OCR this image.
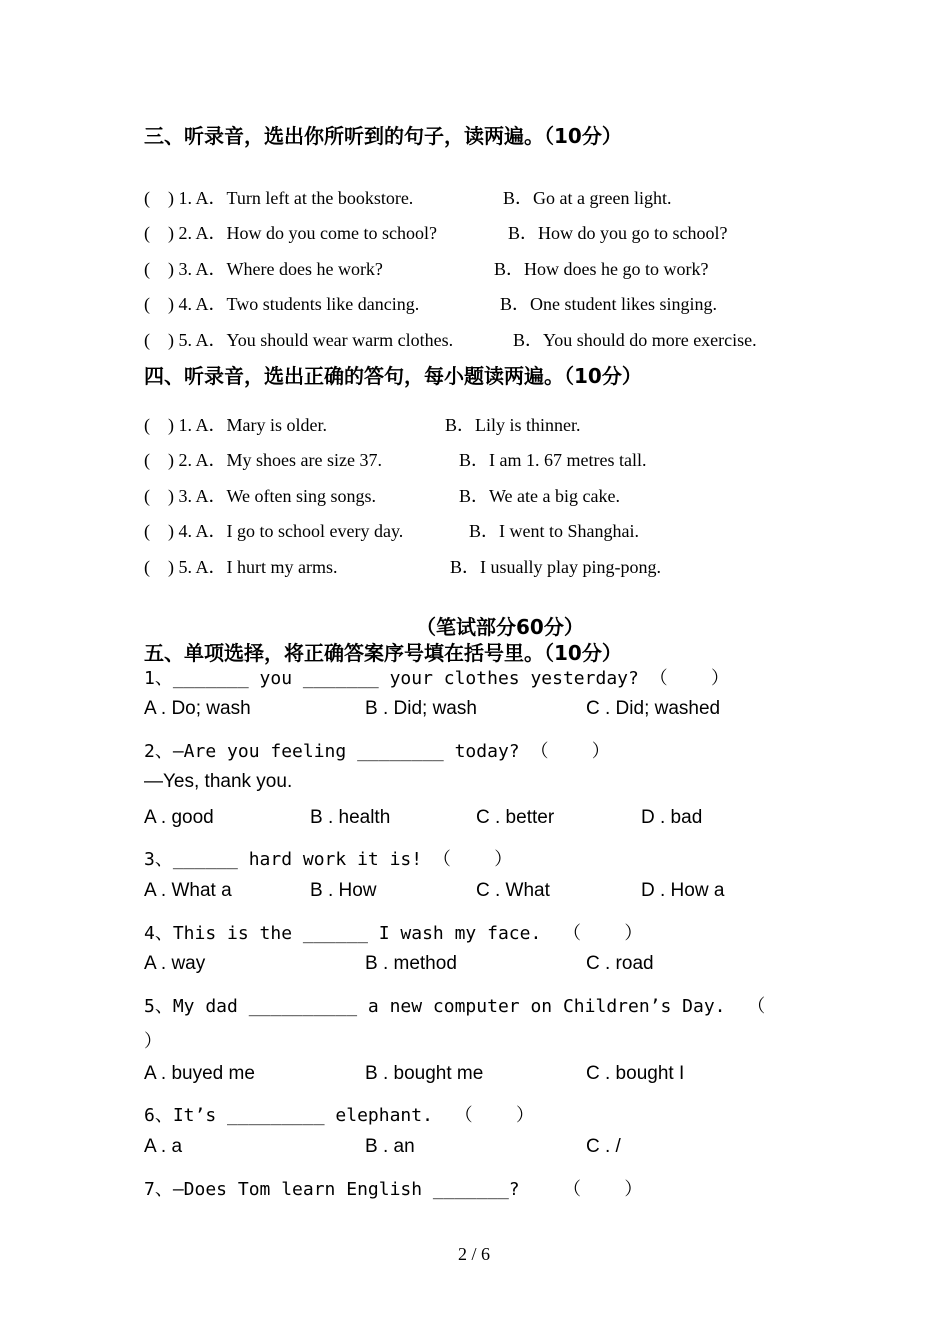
三、听录音，选出你所听到的句子，读两遍。（10分）
(    ) 1. A．Turn left at the bookstore.	B．Go at a green light.
(    ) 2. A．How do you come to school?	B．How do you go to school?
(    ) 3. A．Where does he work?	B．How does he go to work?
(    ) 4. A．Two students like dancing.	B．One student likes singing.
(    ) 5. A．You should wear warm clothes.	B．You should do more exercise.
四、听录音，选出正确的答句，每小题读两遍。（10分）
(    ) 1. A．Mary is older.	B．Lily is thinner.
(    ) 2. A．My shoes are size 37.	B．I am 1. 67 metres tall.
(    ) 3. A．We often sing songs.	B．We ate a big cake.
(    ) 4. A．I go to school every day.	B．I went to Shanghai.
(    ) 5. A．I hurt my arms.	B．I usually play ping-pong.
（笔试部分60分）
五、单项选择，将正确答案序号填在括号里。（10分）
1、_______ you _______ your clothes yesterday? （    ）
A . Do; wash	B . Did; wash	C . Did; washed
2、—Are you feeling ________ today? （    ）
—Yes, thank you.
A . good	B . health	C . better	D . bad
3、______ hard work it is! （    ）
A . What a	B . How	C . What	D . How a
4、This is the ______ I wash my face.  （    ）
A . way	B . method	C . road
5、My dad __________ a new computer on Children’s Day.  （
）
A . buyed me	B . bought me	C . bought I
6、It’s _________ elephant.  （    ）
A . a	B . an	C . /
7、—Does Tom learn English _______?    （    ）
2 / 6
